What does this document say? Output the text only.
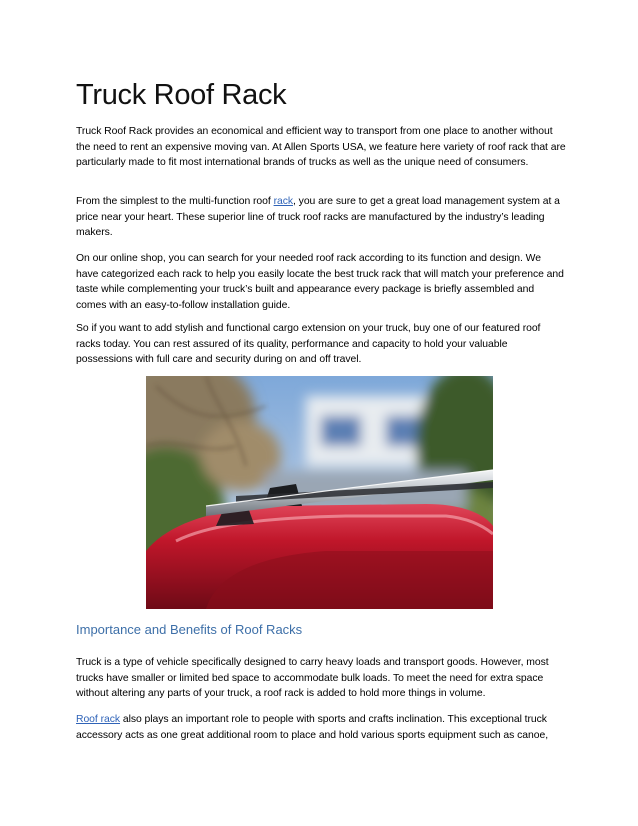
Truck Roof Rack

Truck Roof Rack provides an economical and efficient way to transport from one place to another without the need to rent an expensive moving van. At Allen Sports USA, we feature here variety of roof rack that are particularly made to fit most international brands of trucks as well as the unique need of consumers.

From the simplest to the multi-function roof rack, you are sure to get a great load management system at a price near your heart. These superior line of truck roof racks are manufactured by the industry’s leading makers.

On our online shop, you can search for your needed roof rack according to its function and design. We have categorized each rack to help you easily locate the best truck rack that will match your preference and taste while complementing your truck’s built and appearance every package is briefly assembled and comes with an easy-to-follow installation guide.

So if you want to add stylish and functional cargo extension on your truck, buy one of our featured roof racks today. You can rest assured of its quality, performance and capacity to hold your valuable possessions with full care and security during on and off travel.

Importance and Benefits of Roof Racks

Truck is a type of vehicle specifically designed to carry heavy loads and transport goods. However, most trucks have smaller or limited bed space to accommodate bulk loads. To meet the need for extra space without altering any parts of your truck, a roof rack is added to hold more things in volume.

Roof rack also plays an important role to people with sports and crafts inclination. This exceptional truck accessory acts as one great additional room to place and hold various sports equipment such as canoe,
